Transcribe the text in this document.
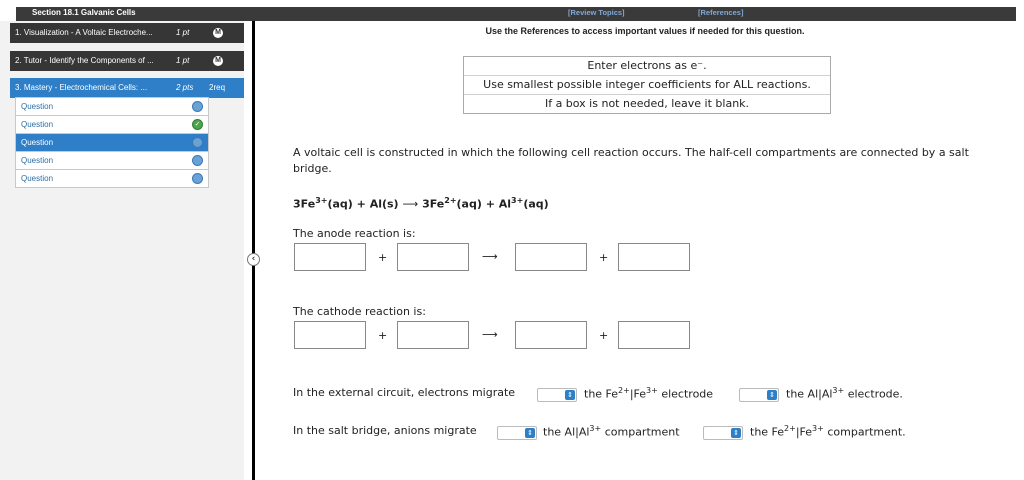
Section 18.1 Galvanic Cells	[Review Topics]	[References]
1. Visualization - A Voltaic Electroche...	1 pt	M
2. Tutor - Identify the Components of ...	1 pt	M
3. Mastery - Electrochemical Cells: ...	2 pts 2req
Question
Question	✓
Question
Question
Question
‹
Use the References to access important values if needed for this question.
Enter electrons as e⁻.
Use smallest possible integer coefficients for ALL reactions.
If a box is not needed, leave it blank.
A voltaic cell is constructed in which the following cell reaction occurs. The half-cell compartments are connected by a salt bridge.
$3Fe^{3+}(aq) + Al(s)$ ⟶ $3Fe^{2+}(aq) + Al^{3+}(aq)$
The anode reaction is:
+	⟶	+
The cathode reaction is:
+	⟶	+
In the external circuit, electrons migrate	⇕ the $Fe^{2+}|Fe^{3+}$ electrode	⇕ the $Al|Al^{3+}$ electrode.
In the salt bridge, anions migrate	⇕ the $Al|Al^{3+}$ compartment	⇕ the $Fe^{2+}|Fe^{3+}$ compartment.
